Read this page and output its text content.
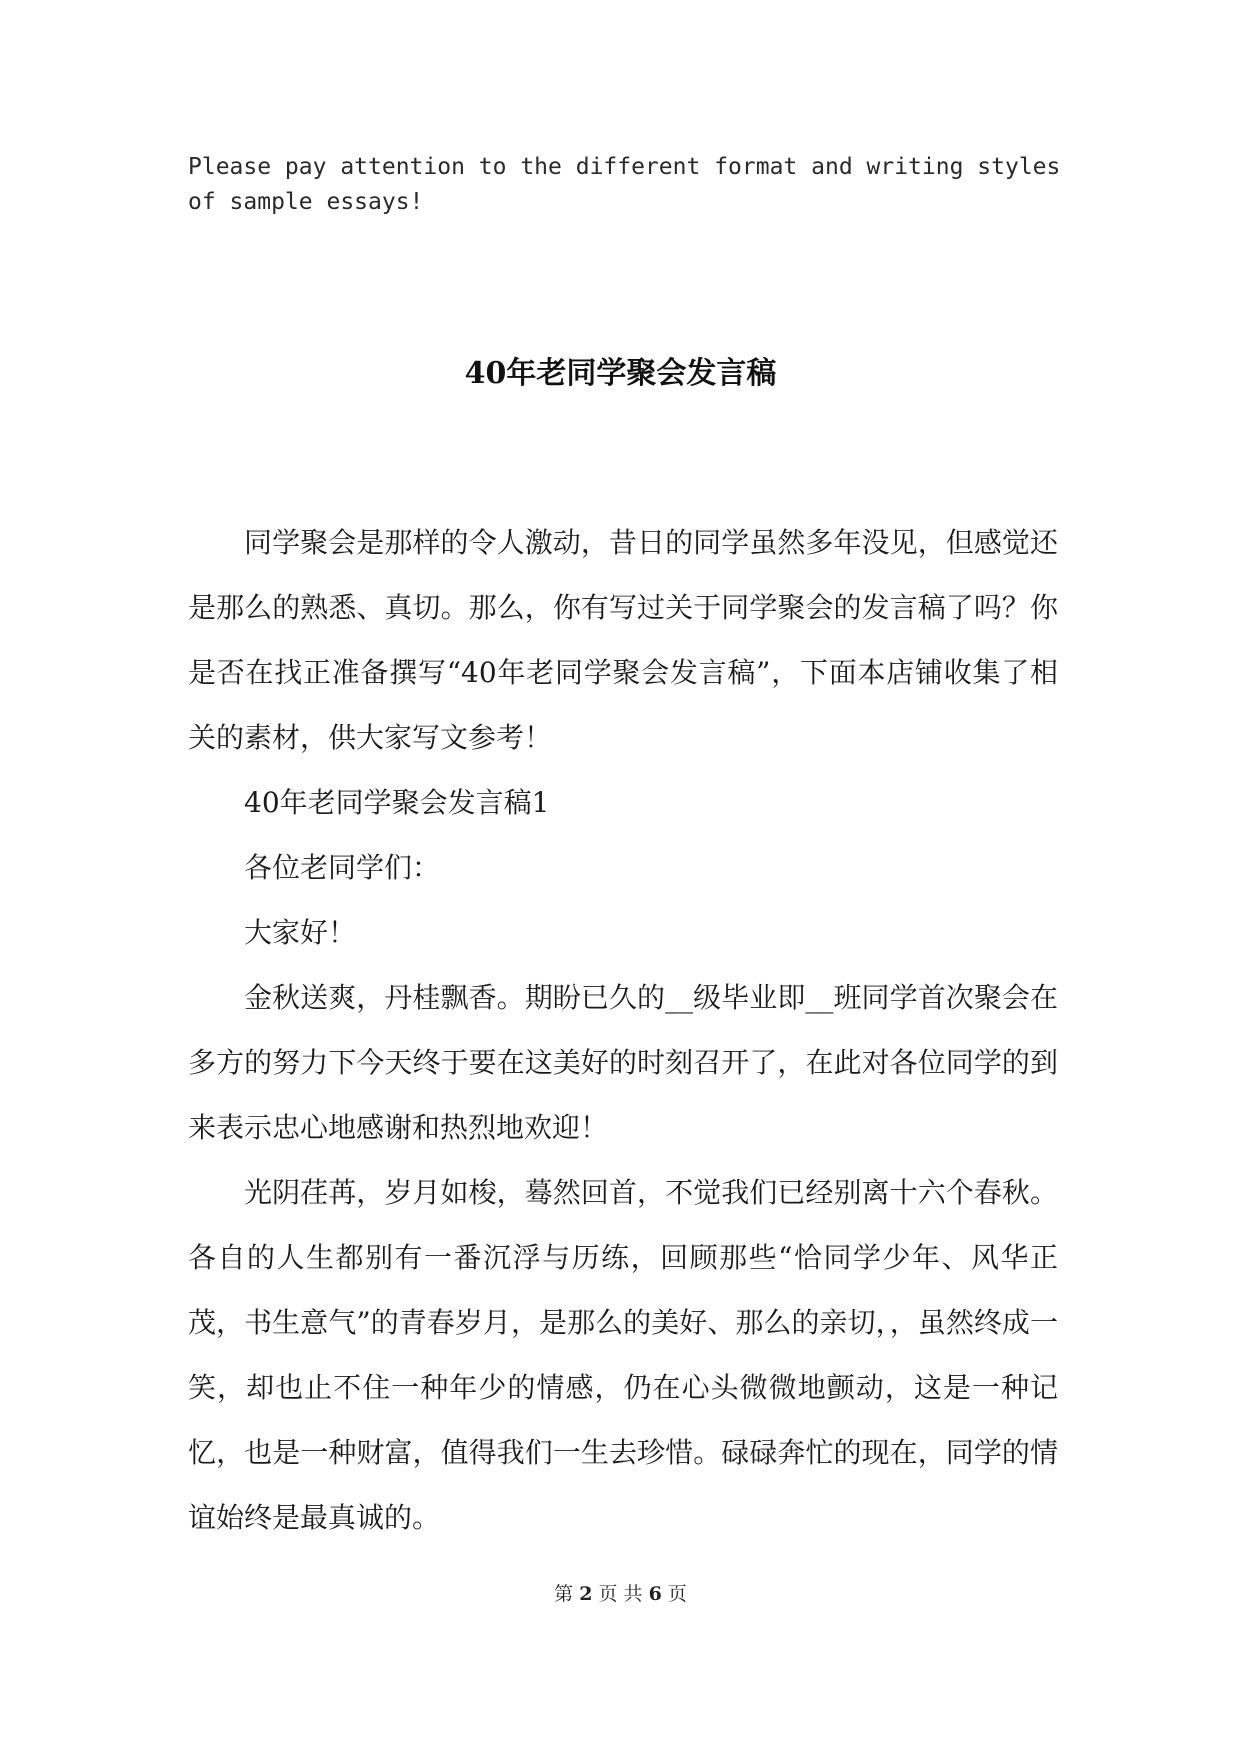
Please pay attention to the different format and writing styles of sample essays!

40年老同学聚会发言稿

同学聚会是那样的令人激动，昔日的同学虽然多年没见，但感觉还是那么的熟悉、真切。那么，你有写过关于同学聚会的发言稿了吗？你是否在找正准备撰写“40年老同学聚会发言稿”，下面本店铺收集了相关的素材，供大家写文参考！

40年老同学聚会发言稿1

各位老同学们：

大家好！

金秋送爽，丹桂飘香。期盼已久的__级毕业即__班同学首次聚会在多方的努力下今天终于要在这美好的时刻召开了，在此对各位同学的到来表示忠心地感谢和热烈地欢迎！

光阴荏苒，岁月如梭，蓦然回首，不觉我们已经别离十六个春秋。各自的人生都别有一番沉浮与历练，回顾那些“恰同学少年、风华正茂，书生意气”的青春岁月，是那么的美好、那么的亲切，，虽然终成一笑，却也止不住一种年少的情感，仍在心头微微地颤动，这是一种记忆，也是一种财富，值得我们一生去珍惜。碌碌奔忙的现在，同学的情谊始终是最真诚的。

第 2 页 共 6 页
